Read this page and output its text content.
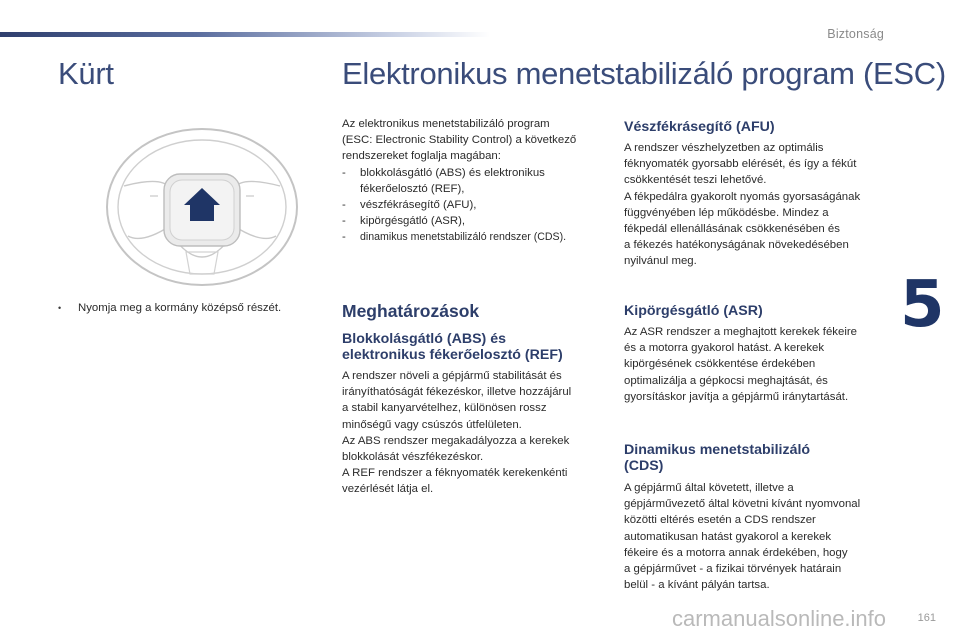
Biztonság
5
Kürt	Elektronikus menetstabilizáló program (ESC)
• Nyomja meg a kormány középső részét.
Az elektronikus menetstabilizáló program
(ESC: Electronic Stability Control) a következő
rendszereket foglalja magában:
- blokkolásgátló (ABS) és elektronikus
fékerőelosztó (REF),
- vészfékrásegítő (AFU),
- kipörgésgátló (ASR),
- dinamikus menetstabilizáló rendszer (CDS).
Meghatározások
Blokkolásgátló (ABS) és
elektronikus fékerőelosztó (REF)
A rendszer növeli a gépjármű stabilitását és
irányíthatóságát fékezéskor, illetve hozzájárul
a stabil kanyarvételhez, különösen rossz
minőségű vagy csúszós útfelületen.
Az ABS rendszer megakadályozza a kerekek
blokkolását vészfékezéskor.
A REF rendszer a féknyomaték kerekenkénti
vezérlését látja el.
Vészfékrásegítő (AFU)
A rendszer vészhelyzetben az optimális
féknyomaték gyorsabb elérését, és így a fékút
csökkentését teszi lehetővé.
A fékpedálra gyakorolt nyomás gyorsaságának
függvényében lép működésbe. Mindez a
fékpedál ellenállásának csökkenésében és
a fékezés hatékonyságának növekedésében
nyilvánul meg.
Kipörgésgátló (ASR)
Az ASR rendszer a meghajtott kerekek fékeire
és a motorra gyakorol hatást. A kerekek
kipörgésének csökkentése érdekében
optimalizálja a gépkocsi meghajtását, és
gyorsításkor javítja a gépjármű iránytartását.
Dinamikus menetstabilizáló
(CDS)
A gépjármű által követett, illetve a
gépjárművezető által követni kívánt nyomvonal
közötti eltérés esetén a CDS rendszer
automatikusan hatást gyakorol a kerekek
fékeire és a motorra annak érdekében, hogy
a gépjárművet - a fizikai törvények határain
belül - a kívánt pályán tartsa.
carmanualsonline.info	161
